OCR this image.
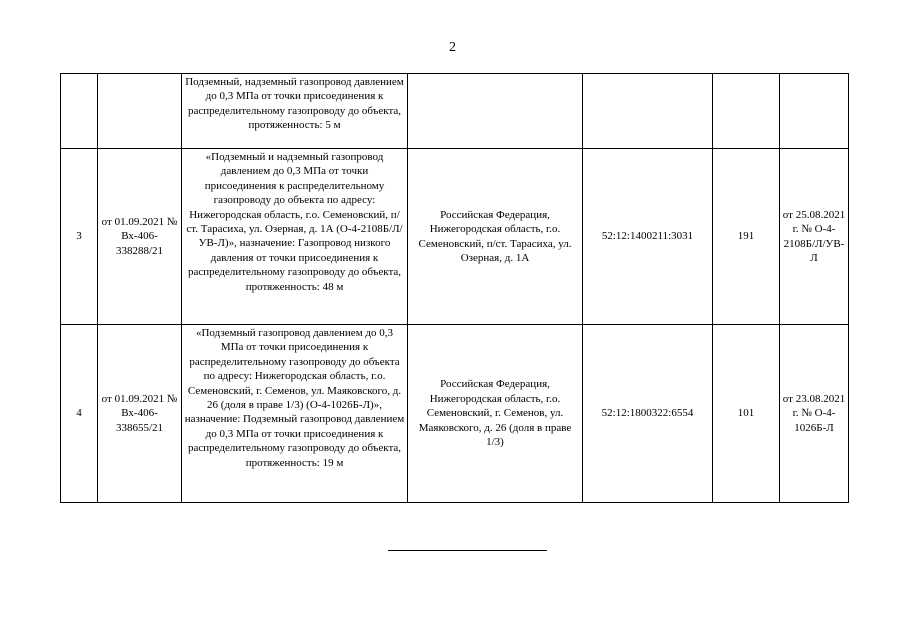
2
		Подземный, надземный газопровод давлением до 0,3 МПа от точки присоединения к распределительному газопроводу до объекта, протяженность: 5 м				
3	от 01.09.2021 № Вх-406-338288/21	«Подземный и надземный газопровод давлением до 0,3 МПа от точки присоединения к распределительному газопроводу до объекта по адресу: Нижегородская область, г.о. Семеновский, п/ст. Тарасиха, ул. Озерная, д. 1А (О-4-2108Б/Л/УВ-Л)», назначение: Газопровод низкого давления от точки присоединения к распределительному газопроводу до объекта, протяженность: 48 м	Российская Федерация, Нижегородская область, г.о. Семеновский, п/ст. Тарасиха, ул. Озерная, д. 1А	52:12:1400211:3031	191	от 25.08.2021 г. № О-4-2108Б/Л/УВ-Л
4	от 01.09.2021 № Вх-406-338655/21	«Подземный газопровод давлением до 0,3 МПа от точки присоединения к распределительному газопроводу до объекта по адресу: Нижегородская область, г.о. Семеновский, г. Семенов, ул. Маяковского, д. 26 (доля в праве 1/3) (О-4-1026Б-Л)», назначение: Подземный газопровод давлением до 0,3 МПа от точки присоединения к распределительному газопроводу до объекта, протяженность: 19 м	Российская Федерация, Нижегородская область, г.о. Семеновский, г. Семенов, ул. Маяковского, д. 26 (доля в праве 1/3)	52:12:1800322:6554	101	от 23.08.2021 г. № О-4-1026Б-Л
